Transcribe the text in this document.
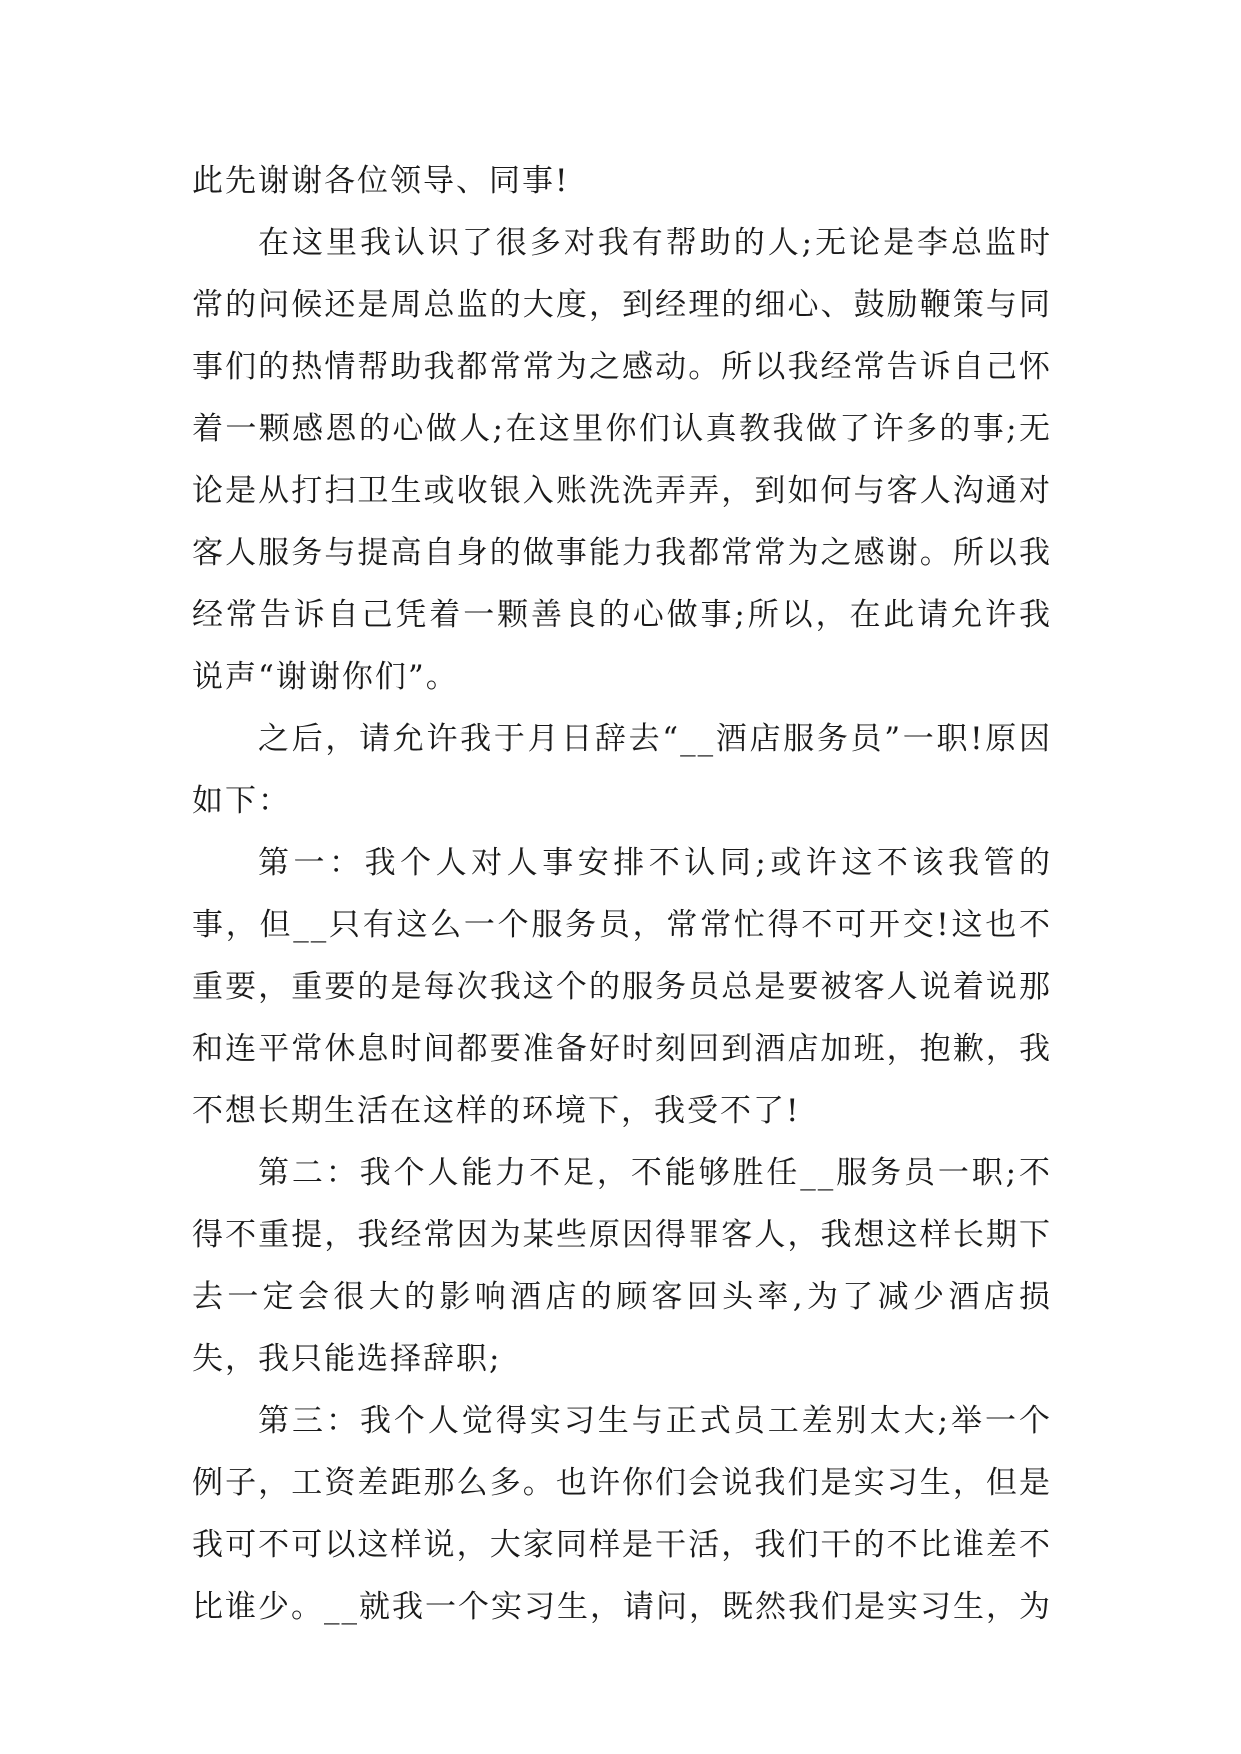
此先谢谢各位领导、同事!

在这里我认识了很多对我有帮助的人;无论是李总监时常的问候还是周总监的大度，到经理的细心、鼓励鞭策与同事们的热情帮助我都常常为之感动。所以我经常告诉自己怀着一颗感恩的心做人;在这里你们认真教我做了许多的事;无论是从打扫卫生或收银入账洗洗弄弄，到如何与客人沟通对客人服务与提高自身的做事能力我都常常为之感谢。所以我经常告诉自己凭着一颗善良的心做事;所以，在此请允许我说声“谢谢你们”。

之后，请允许我于月日辞去“__酒店服务员”一职!原因如下：

第一：我个人对人事安排不认同;或许这不该我管的事，但__只有这么一个服务员，常常忙得不可开交!这也不重要，重要的是每次我这个的服务员总是要被客人说着说那和连平常休息时间都要准备好时刻回到酒店加班，抱歉，我不想长期生活在这样的环境下，我受不了!

第二：我个人能力不足，不能够胜任__服务员一职;不得不重提，我经常因为某些原因得罪客人，我想这样长期下去一定会很大的影响酒店的顾客回头率,为了减少酒店损失，我只能选择辞职;

第三：我个人觉得实习生与正式员工差别太大;举一个例子，工资差距那么多。也许你们会说我们是实习生，但是我可不可以这样说，大家同样是干活，我们干的不比谁差不比谁少。__就我一个实习生，请问，既然我们是实习生，为
